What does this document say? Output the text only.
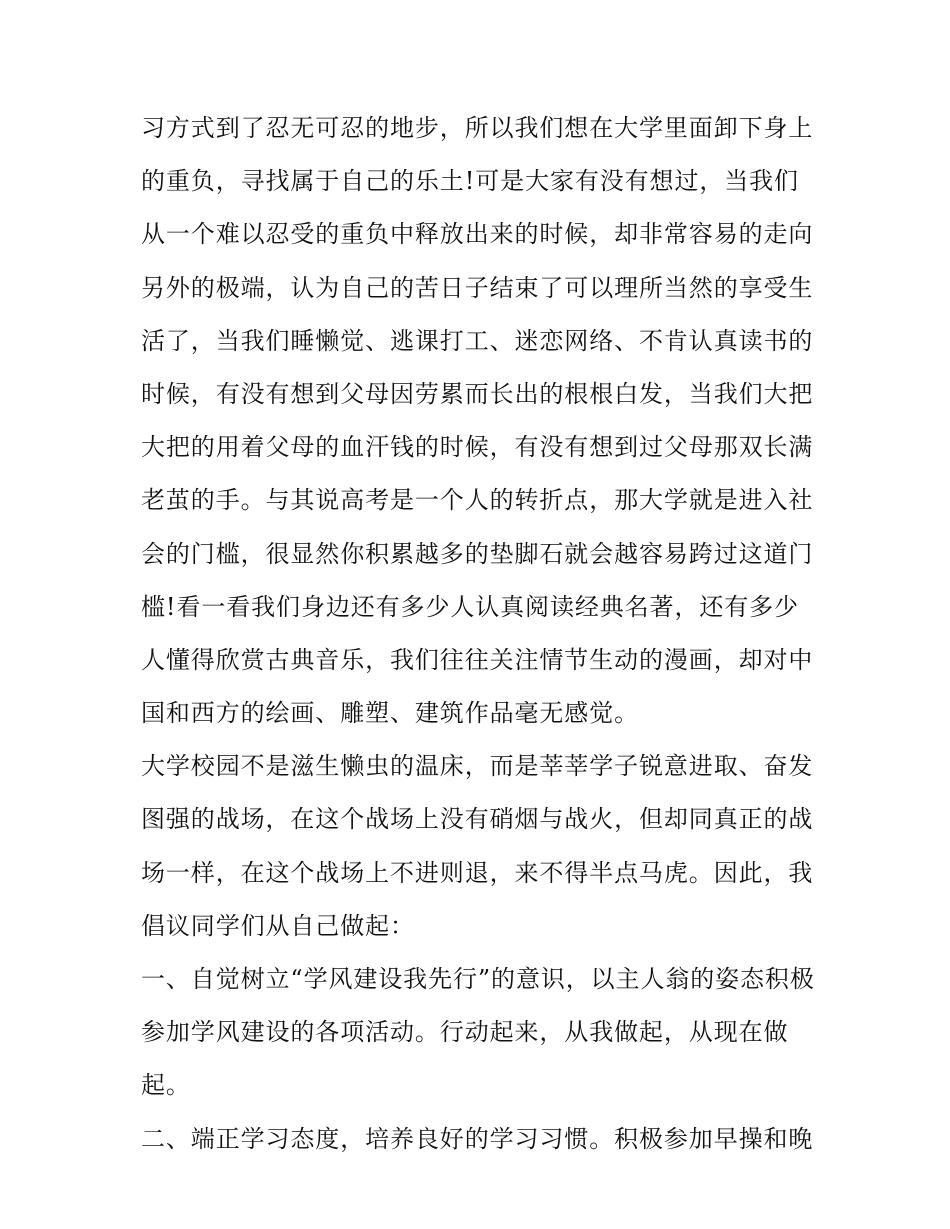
习方式到了忍无可忍的地步，所以我们想在大学里面卸下身上
的重负，寻找属于自己的乐土!可是大家有没有想过，当我们
从一个难以忍受的重负中释放出来的时候，却非常容易的走向
另外的极端，认为自己的苦日子结束了可以理所当然的享受生
活了，当我们睡懒觉、逃课打工、迷恋网络、不肯认真读书的
时候，有没有想到父母因劳累而长出的根根白发，当我们大把
大把的用着父母的血汗钱的时候，有没有想到过父母那双长满
老茧的手。与其说高考是一个人的转折点，那大学就是进入社
会的门槛，很显然你积累越多的垫脚石就会越容易跨过这道门
槛!看一看我们身边还有多少人认真阅读经典名著，还有多少
人懂得欣赏古典音乐，我们往往关注情节生动的漫画，却对中
国和西方的绘画、雕塑、建筑作品毫无感觉。
大学校园不是滋生懒虫的温床，而是莘莘学子锐意进取、奋发
图强的战场，在这个战场上没有硝烟与战火，但却同真正的战
场一样，在这个战场上不进则退，来不得半点马虎。因此，我
倡议同学们从自己做起：
一、自觉树立“学风建设我先行”的意识，以主人翁的姿态积极
参加学风建设的各项活动。行动起来，从我做起，从现在做
起。
二、端正学习态度，培养良好的学习习惯。积极参加早操和晚
